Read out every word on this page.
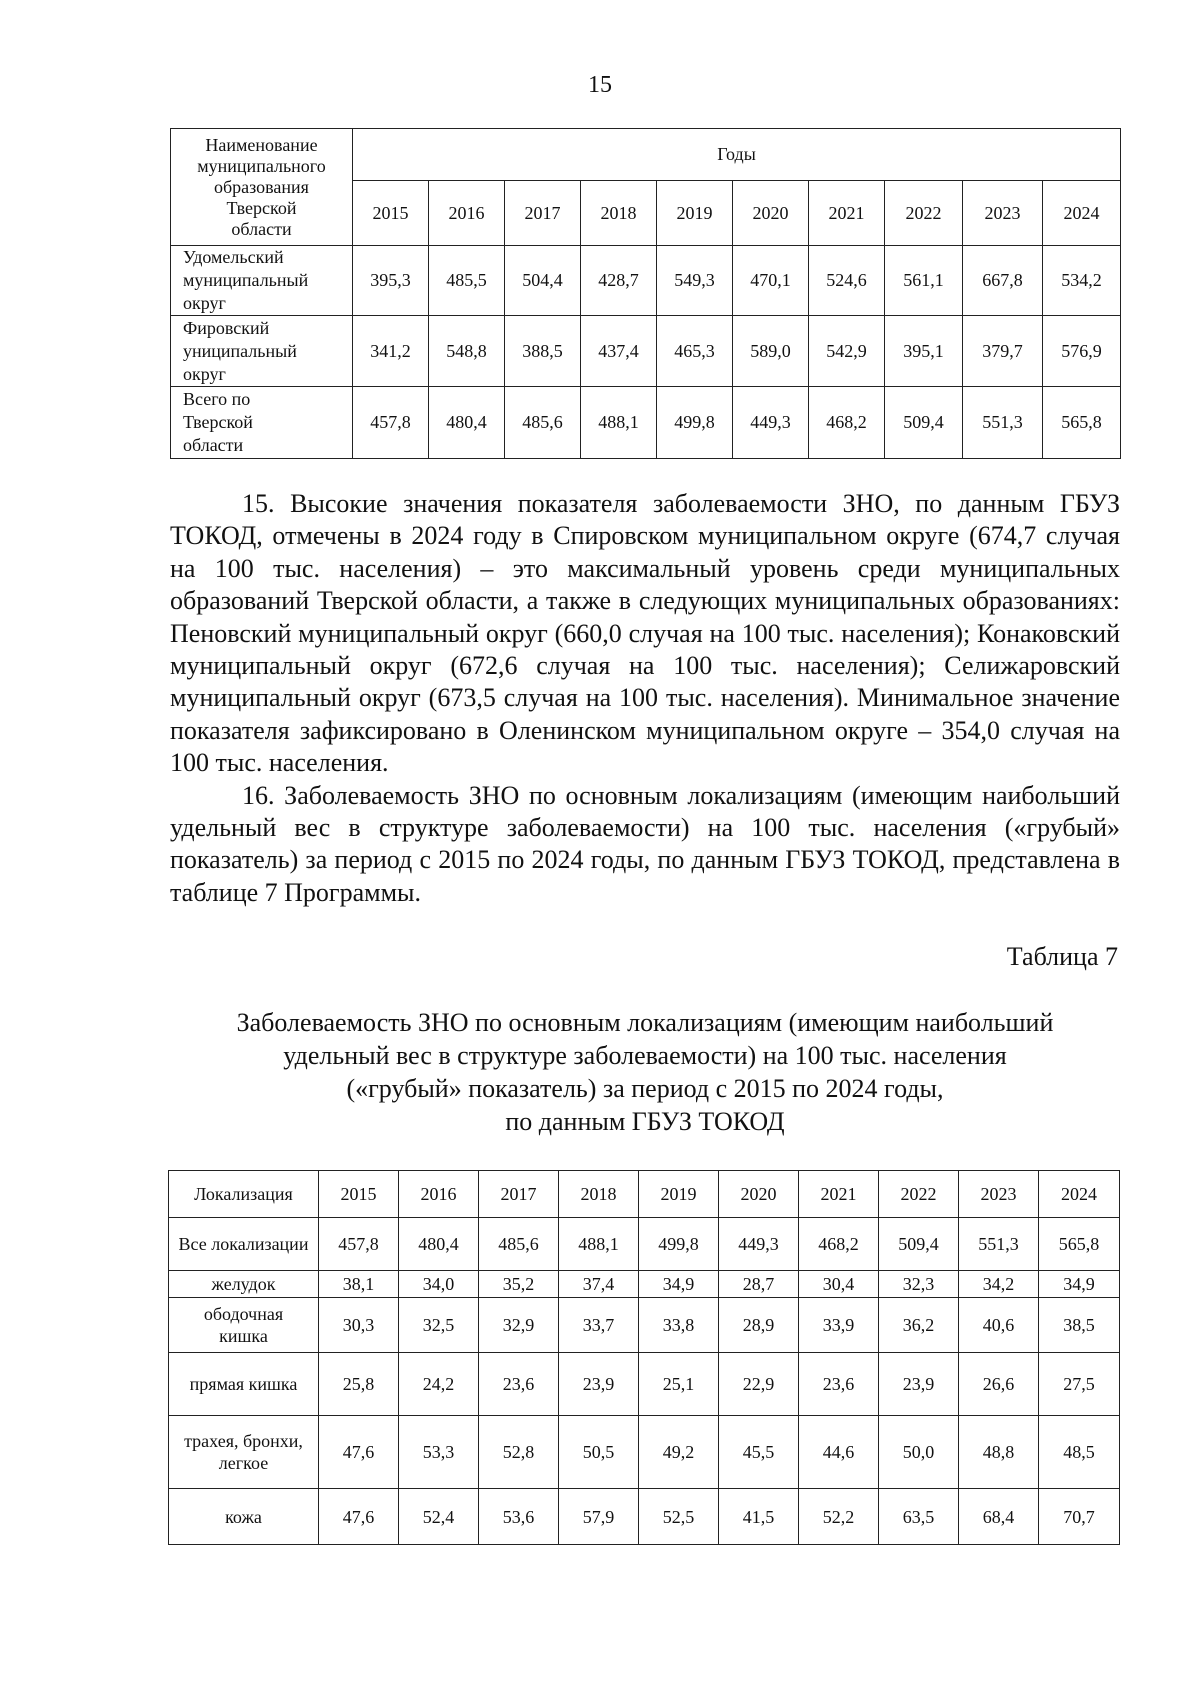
15
Наименование
муниципального
образования
Тверской
области	Годы									
	2015	2016	2017	2018	2019	2020	2021	2022	2023	2024
Удомельский
муниципальный
округ	395,3	485,5	504,4	428,7	549,3	470,1	524,6	561,1	667,8	534,2
Фировский
униципальный
округ	341,2	548,8	388,5	437,4	465,3	589,0	542,9	395,1	379,7	576,9
Всего по
Тверской
области	457,8	480,4	485,6	488,1	499,8	449,3	468,2	509,4	551,3	565,8

15. Высокие значения показателя заболеваемости ЗНО, по данным ГБУЗ ТОКОД, отмечены в 2024 году в Спировском муниципальном округе (674,7 случая на 100 тыс. населения) – это максимальный уровень среди муниципальных образований Тверской области, а также в следующих муниципальных образованиях: Пеновский муниципальный округ (660,0 случая на 100 тыс. населения); Конаковский муниципальный округ (672,6 случая на 100 тыс. населения); Селижаровский муниципальный округ (673,5 случая на 100 тыс. населения). Минимальное значение показателя зафиксировано в Оленинском муниципальном округе – 354,0 случая на 100 тыс. населения.

16. Заболеваемость ЗНО по основным локализациям (имеющим наибольший удельный вес в структуре заболеваемости) на 100 тыс. населения («грубый» показатель) за период с 2015 по 2024 годы, по данным ГБУЗ ТОКОД, представлена в таблице 7 Программы.

Таблица 7
Заболеваемость ЗНО по основным локализациям (имеющим наибольший
удельный вес в структуре заболеваемости) на 100 тыс. населения
(«грубый» показатель) за период с 2015 по 2024 годы,
по данным ГБУЗ ТОКОД
Локализация	2015	2016	2017	2018	2019	2020	2021	2022	2023	2024
Все локализации	457,8	480,4	485,6	488,1	499,8	449,3	468,2	509,4	551,3	565,8
желудок	38,1	34,0	35,2	37,4	34,9	28,7	30,4	32,3	34,2	34,9
ободочная
кишка	30,3	32,5	32,9	33,7	33,8	28,9	33,9	36,2	40,6	38,5
прямая кишка	25,8	24,2	23,6	23,9	25,1	22,9	23,6	23,9	26,6	27,5
трахея, бронхи,
легкое	47,6	53,3	52,8	50,5	49,2	45,5	44,6	50,0	48,8	48,5
кожа	47,6	52,4	53,6	57,9	52,5	41,5	52,2	63,5	68,4	70,7
